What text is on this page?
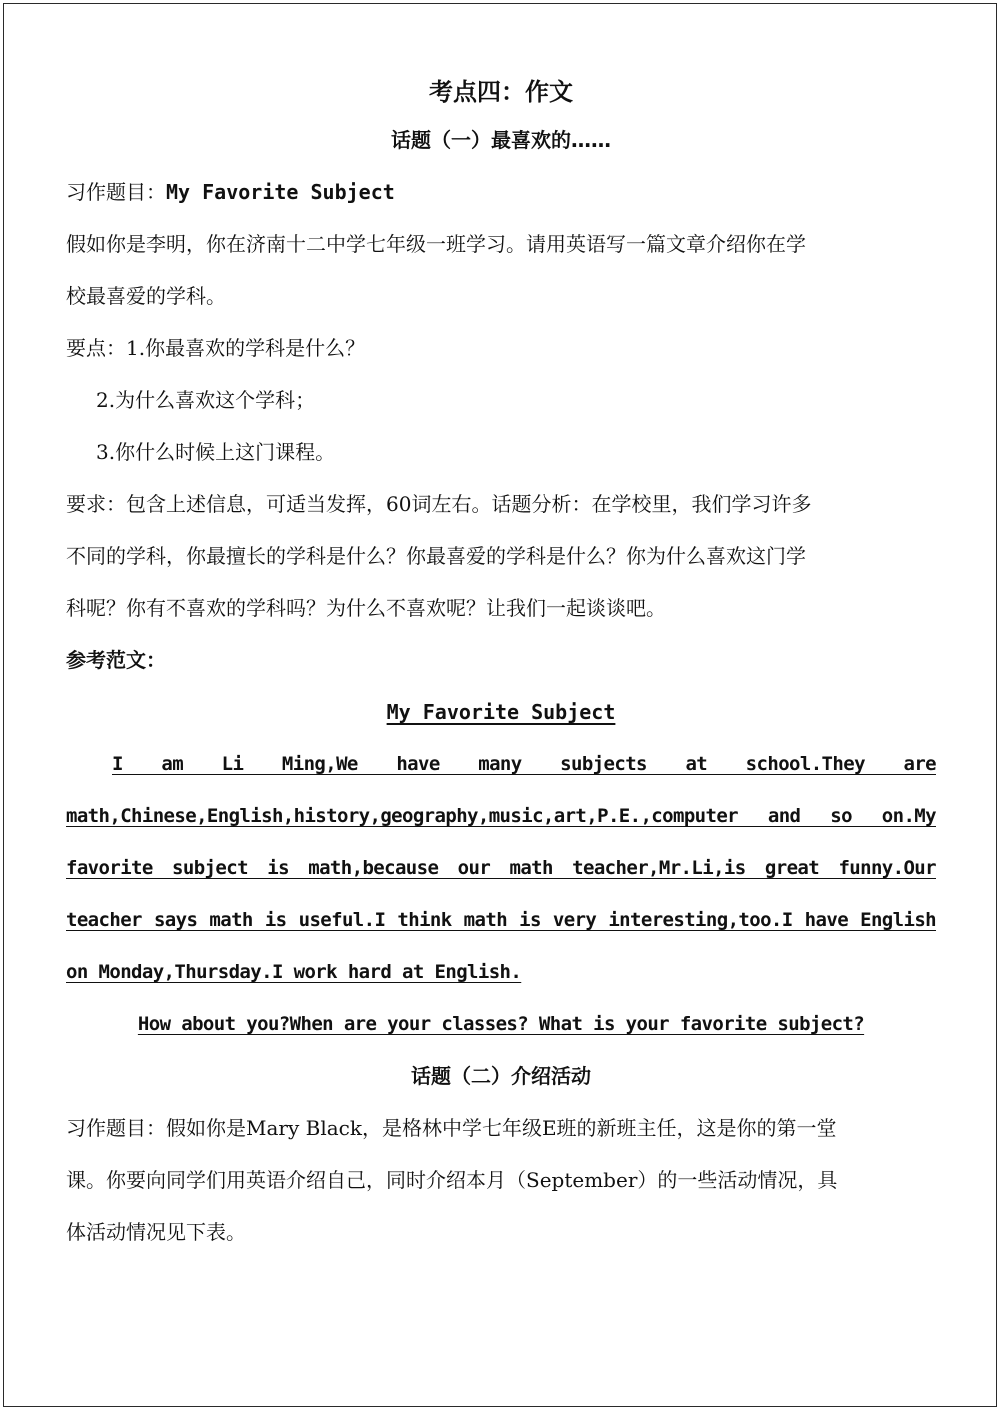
考点四：作文

话题（一）最喜欢的……

习作题目：My Favorite Subject

假如你是李明，你在济南十二中学七年级一班学习。请用英语写一篇文章介绍你在学

校最喜爱的学科。

要点：1.你最喜欢的学科是什么？

2.为什么喜欢这个学科；

3.你什么时候上这门课程。

要求：包含上述信息，可适当发挥，60词左右。话题分析：在学校里，我们学习许多

不同的学科，你最擅长的学科是什么？你最喜爱的学科是什么？你为什么喜欢这门学

科呢？你有不喜欢的学科吗？为什么不喜欢呢？让我们一起谈谈吧。

参考范文：

My Favorite Subject

I am Li Ming,We have many subjects at school.They are

math,Chinese,English,history,geography,music,art,P.E.,computer and so on.My

favorite subject is math,because our math teacher,Mr.Li,is great funny.Our

teacher says math is useful.I think math is very interesting,too.I have English

on Monday,Thursday.I work hard at English.

How about you?When are your classes? What is your favorite subject?

话题（二）介绍活动

习作题目：假如你是Mary Black，是格林中学七年级E班的新班主任，这是你的第一堂

课。你要向同学们用英语介绍自己，同时介绍本月（September）的一些活动情况，具

体活动情况见下表。
